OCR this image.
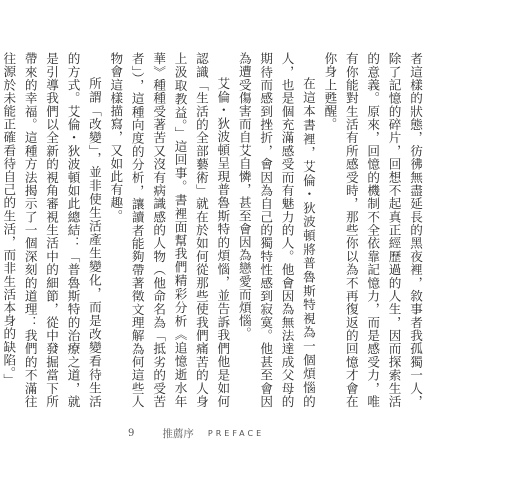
者這樣的狀態，彷彿無盡延長的黑夜裡，敘事者我孤獨一人，除了記憶的碎片，回想不起真正經歷過的人生，因而探索生活的意義。原來，回憶的機制不全依靠記憶力，而是感受力，唯有你能對生活有所感受時，那些你以為不再復返的回憶才會在你身上甦醒。

在這本書裡，艾倫・狄波頓將普魯斯特視為一個煩惱的人，也是個充滿感受而有魅力的人。他會因為無法達成父母的期待而感到挫折，會因為自己的獨特性感到寂寞。他甚至會因為遭受傷害而自艾自憐，甚至會因為戀愛而煩惱。

艾倫・狄波頓呈現普魯斯特的煩惱，並告訴我們他是如何認識「生活的全部藝術」就在於如何從那些使我們痛苦的人身上汲取教益。」這回事。書裡面幫我們精彩分析《追憶逝水年華》種種受著苦又沒有病識感的人物（他命名為「抵劣的受苦者」），這種向度的分析，讓讀者能夠帶著徵文理解為何這些人物會這樣描寫，又如此有趣。

所謂「改變」，並非使生活產生變化，而是改變看待生活的方式。艾倫・狄波頓如此總結：「普魯斯特的治療之道，就是引導我們以全新的視角審視生活中的細節，從中發掘當下所帶來的幸福。這種方法揭示了一個深刻的道理：我們的不滿往往源於未能正確看待自己的生活，而非生活本身的缺陷。」

9	推薦序 PREFACE
